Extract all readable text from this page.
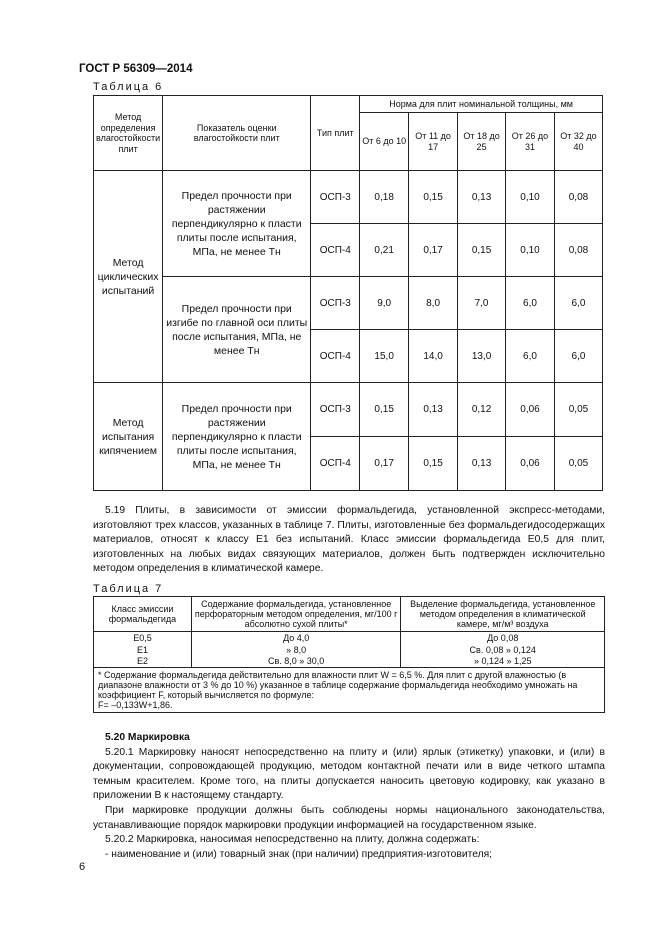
ГОСТ Р 56309—2014
Таблица 6
Метод определения влагостойкости плит	Показатель оценки влагостойкости плит	Тип плит	Норма для плит номинальной толщины, мм				
			От 6 до 10	От 11 до 17	От 18 до 25	От 26 до 31	От 32 до 40
Метод циклических испытаний	Предел прочности при растяжении перпендикулярно к пласти плиты после испытания, МПа, не менее Tн	ОСП-3	0,18	0,15	0,13	0,10	0,08
		ОСП-4	0,21	0,17	0,15	0,10	0,08
	Предел прочности при изгибе по главной оси плиты после испытания, МПа, не менее Tн	ОСП-3	9,0	8,0	7,0	6,0	6,0
		ОСП-4	15,0	14,0	13,0	6,0	6,0
Метод испытания кипячением	Предел прочности при растяжении перпендикулярно к пласти плиты после испытания, МПа, не менее Tн	ОСП-3	0,15	0,13	0,12	0,06	0,05
		ОСП-4	0,17	0,15	0,13	0,06	0,05
5.19 Плиты, в зависимости от эмиссии формальдегида, установленной экспресс-методами, изготовляют трех классов, указанных в таблице 7. Плиты, изготовленные без формальдегидосодержащих материалов, относят к классу Е1 без испытаний. Класс эмиссии формальдегида Е0,5 для плит, изготовленных на любых видах связующих материалов, должен быть подтвержден исключительно методом определения в климатической камере.
Таблица 7
Класс эмиссии формальдегида	Содержание формальдегида, установленное перфораторным методом определения, мг/100 г абсолютно сухой плиты*	Выделение формальдегида, установленное методом определения в климатической камере, мг/м³ воздуха
Е0,5	До 4,0	До 0,08
Е1	» 8,0	Св. 0,08 » 0,124
Е2	Св. 8,0 » 30,0	» 0,124 » 1,25

* Содержание формальдегида действительно для влажности плит W = 6,5 %. Для плит с другой влажностью (в диапазоне влажности от 3 % до 10 %) указанное в таблице содержание формальдегида необходимо умножать на коэффициент F, который вычисляется по формуле:
F= –0,133W+1,86.		
5.20 Маркировка
5.20.1 Маркировку наносят непосредственно на плиту и (или) ярлык (этикетку) упаковки, и (или) в документации, сопровождающей продукцию, методом контактной печати или в виде четкого штампа темным красителем. Кроме того, на плиты допускается наносить цветовую кодировку, как указано в приложении В к настоящему стандарту.
При маркировке продукции должны быть соблюдены нормы национального законодательства, устанавливающие порядок маркировки продукции информацией на государственном языке.
5.20.2 Маркировка, наносимая непосредственно на плиту, должна содержать:
- наименование и (или) товарный знак (при наличии) предприятия-изготовителя;
6
